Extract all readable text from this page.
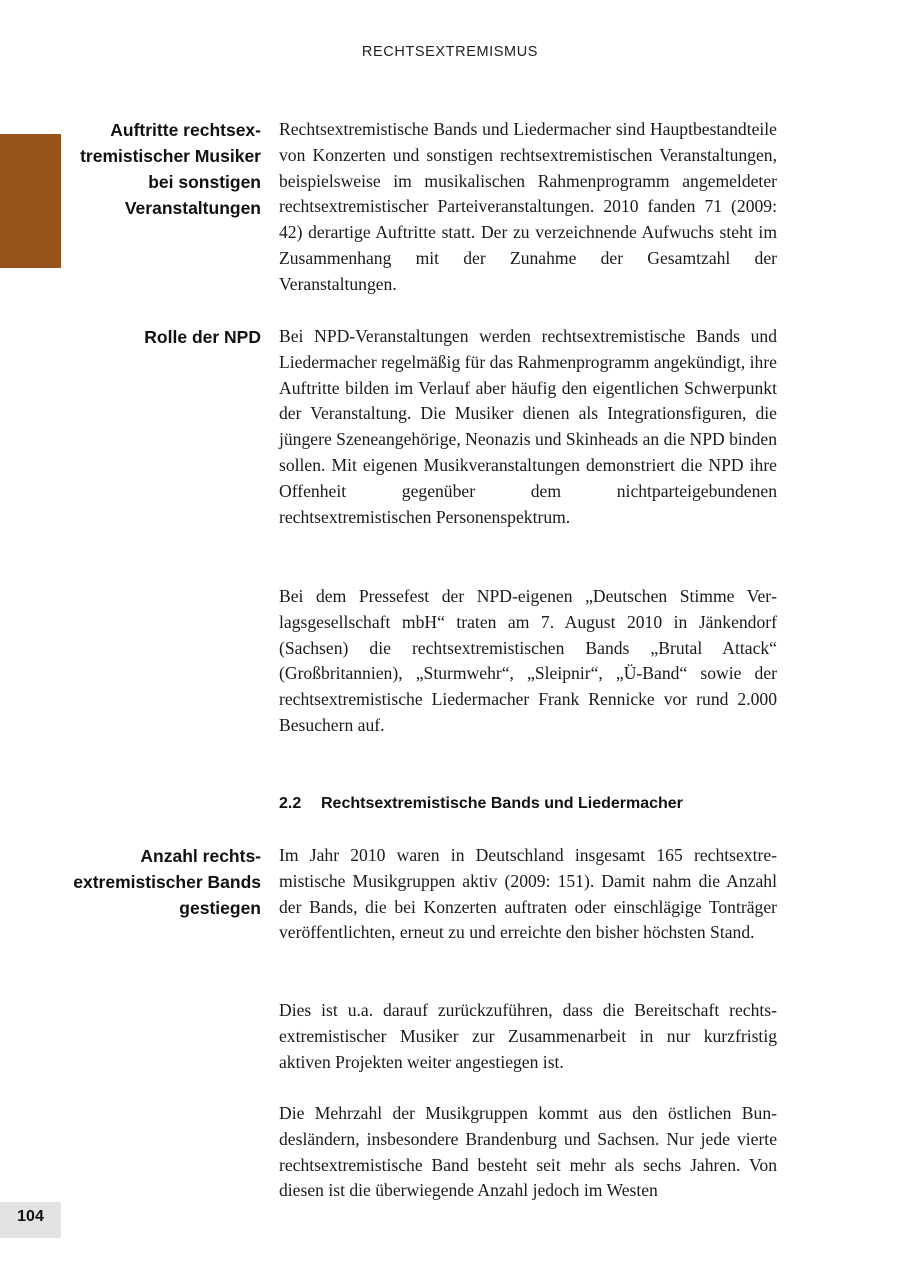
RECHTSEXTREMISMUS
Auftritte rechtsextremistischer Musiker bei sonstigen Veranstaltungen

Rechtsextremistische Bands und Liedermacher sind Hauptbestandteile von Konzerten und sonstigen rechtsextremistischen Veranstaltungen, beispielsweise im musikalischen Rahmenprogramm angemeldeter rechtsextremistischer Parteiveranstaltungen. 2010 fanden 71 (2009: 42) derartige Auftritte statt. Der zu verzeichnende Aufwuchs steht im Zusammenhang mit der Zunahme der Gesamtzahl der Veranstaltungen.

Rolle der NPD Bei NPD-Veranstaltungen werden rechtsextremistische Bands und Liedermacher regelmäßig für das Rahmenprogramm angekündigt, ihre Auftritte bilden im Verlauf aber häufig den eigentlichen Schwerpunkt der Veranstaltung. Die Musiker dienen als Integrationsfiguren, die jüngere Szeneangehörige, Neonazis und Skinheads an die NPD binden sollen. Mit eigenen Musikveranstaltungen demonstriert die NPD ihre Offenheit gegenüber dem nichtparteigebundenen rechtsextremistischen Personenspektrum.

Bei dem Pressefest der NPD-eigenen „Deutschen Stimme Verlagsgesellschaft mbH“ traten am 7. August 2010 in Jänkendorf (Sachsen) die rechtsextremistischen Bands „Brutal Attack“ (Großbritannien), „Sturmwehr“, „Sleipnir“, „Ü-Band“ sowie der rechtsextremistische Liedermacher Frank Rennicke vor rund 2.000 Besuchern auf.

2.2 Rechtsextremistische Bands und Liedermacher
Anzahl rechtsextremistischer Bands gestiegen

Im Jahr 2010 waren in Deutschland insgesamt 165 rechtsextremistische Musikgruppen aktiv (2009: 151). Damit nahm die Anzahl der Bands, die bei Konzerten auftraten oder einschlägige Tonträger veröffentlichten, erneut zu und erreichte den bisher höchsten Stand.

Dies ist u.a. darauf zurückzuführen, dass die Bereitschaft rechtsextremistischer Musiker zur Zusammenarbeit in nur kurzfristig aktiven Projekten weiter angestiegen ist.

Die Mehrzahl der Musikgruppen kommt aus den östlichen Bundesländern, insbesondere Brandenburg und Sachsen. Nur jede vierte rechtsextremistische Band besteht seit mehr als sechs Jahren. Von diesen ist die überwiegende Anzahl jedoch im Westen

104
